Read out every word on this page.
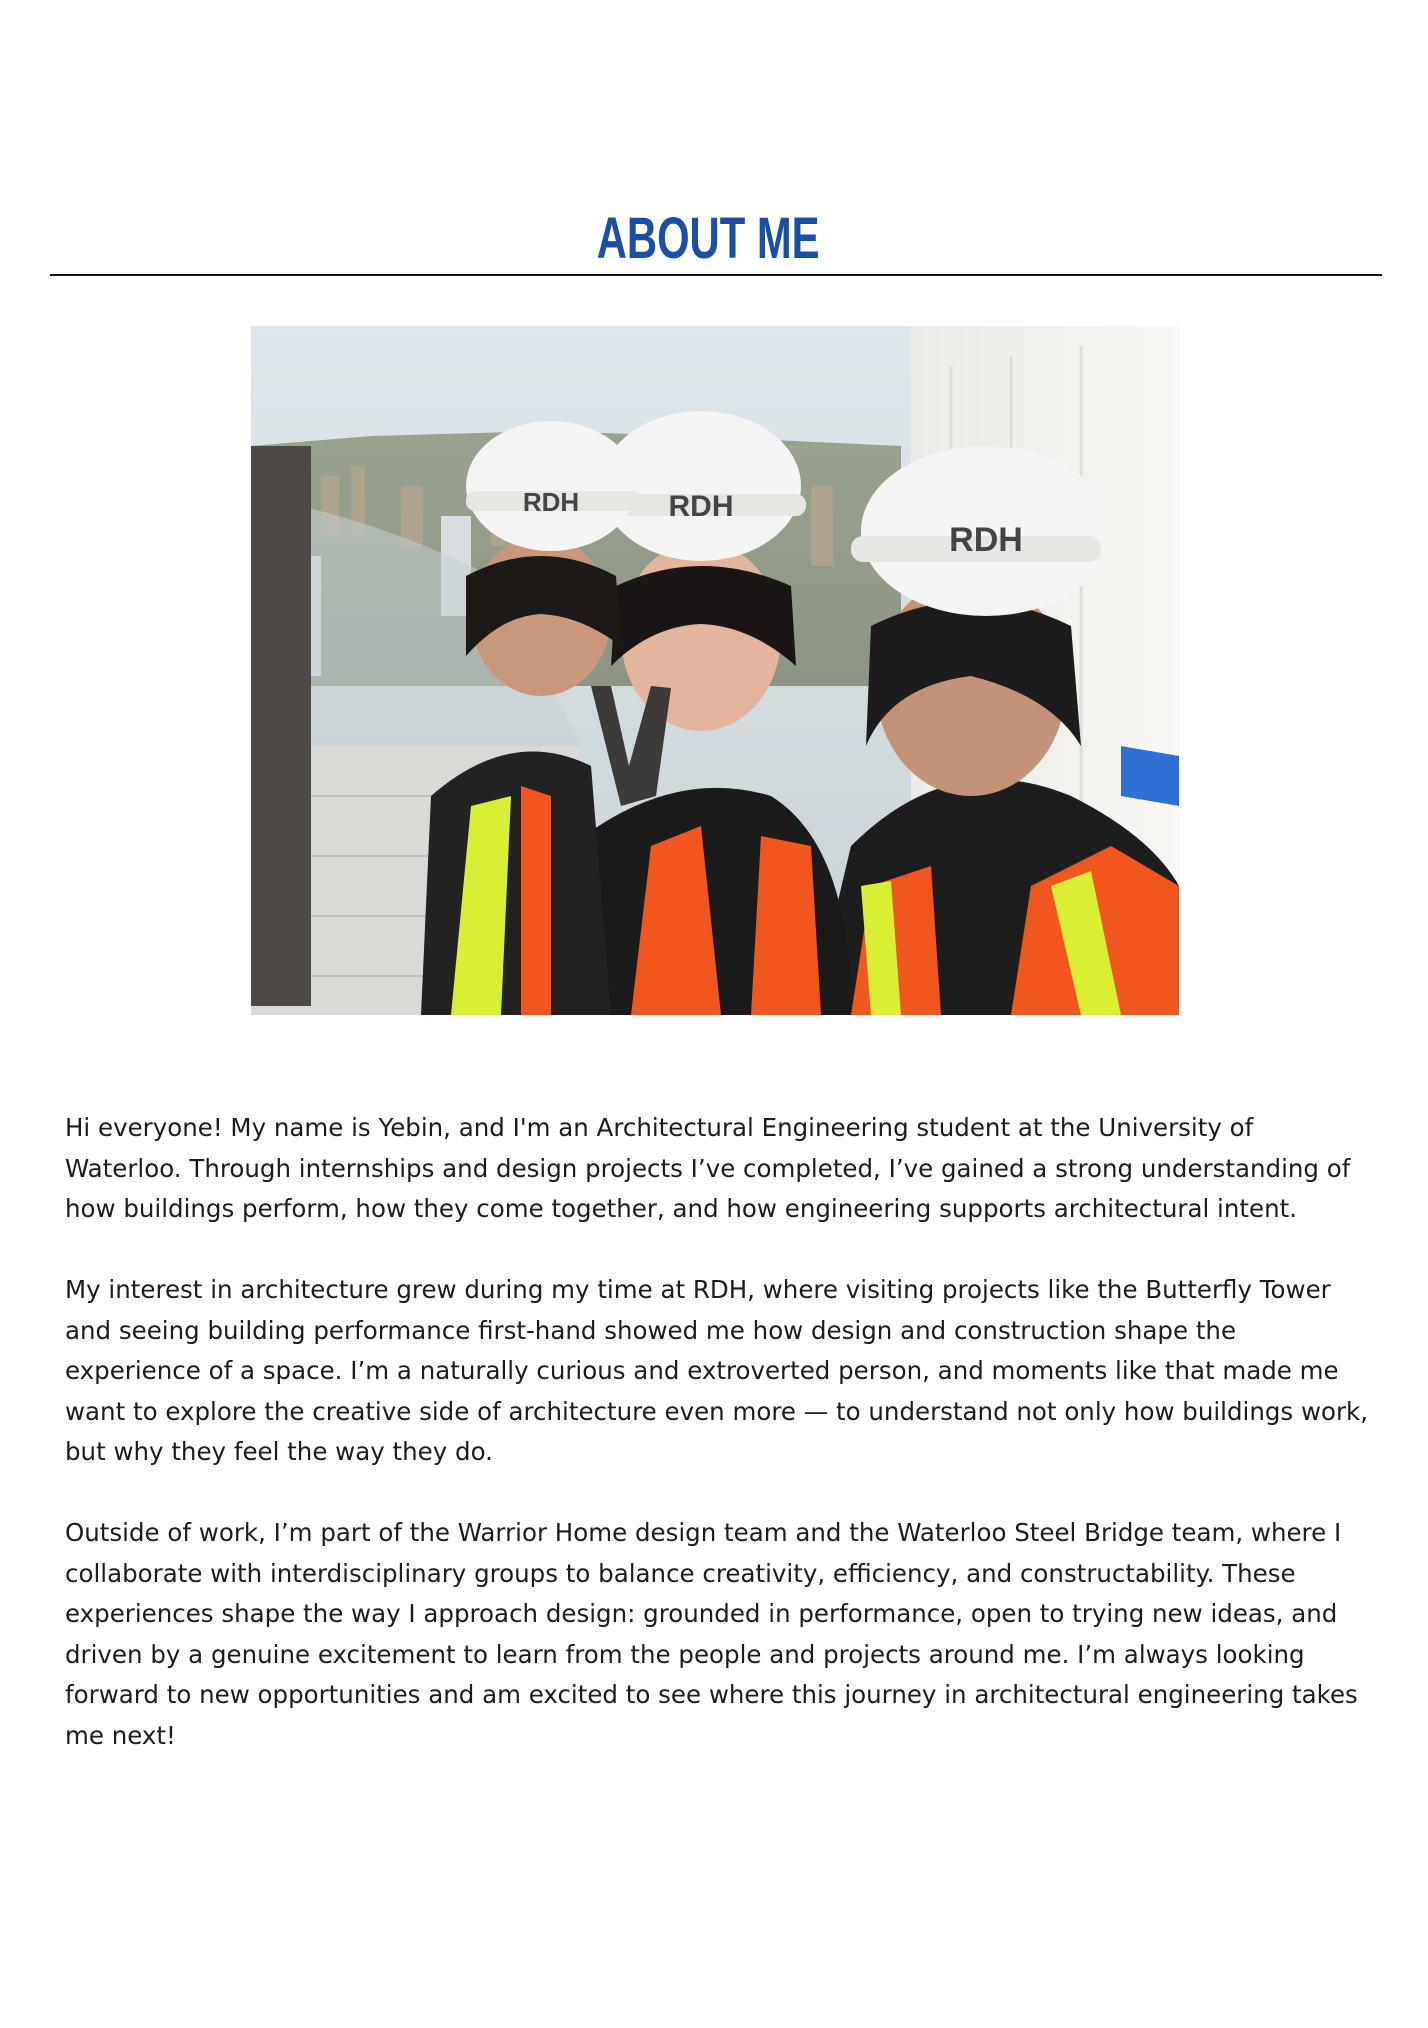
ABOUT ME
RDH
RDH
RDH

Hi everyone! My name is Yebin, and I'm an Architectural Engineering student at the University of Waterloo. Through internships and design projects I’ve completed, I’ve gained a strong understanding of how buildings perform, how they come together, and how engineering supports architectural intent.

My interest in architecture grew during my time at RDH, where visiting projects like the Butterfly Tower and seeing building performance first-hand showed me how design and construction shape the experience of a space. I’m a naturally curious and extroverted person, and moments like that made me want to explore the creative side of architecture even more — to understand not only how buildings work, but why they feel the way they do.

Outside of work, I’m part of the Warrior Home design team and the Waterloo Steel Bridge team, where I collaborate with interdisciplinary groups to balance creativity, efficiency, and constructability. These experiences shape the way I approach design: grounded in performance, open to trying new ideas, and driven by a genuine excitement to learn from the people and projects around me. I’m always looking forward to new opportunities and am excited to see where this journey in architectural engineering takes me next!
